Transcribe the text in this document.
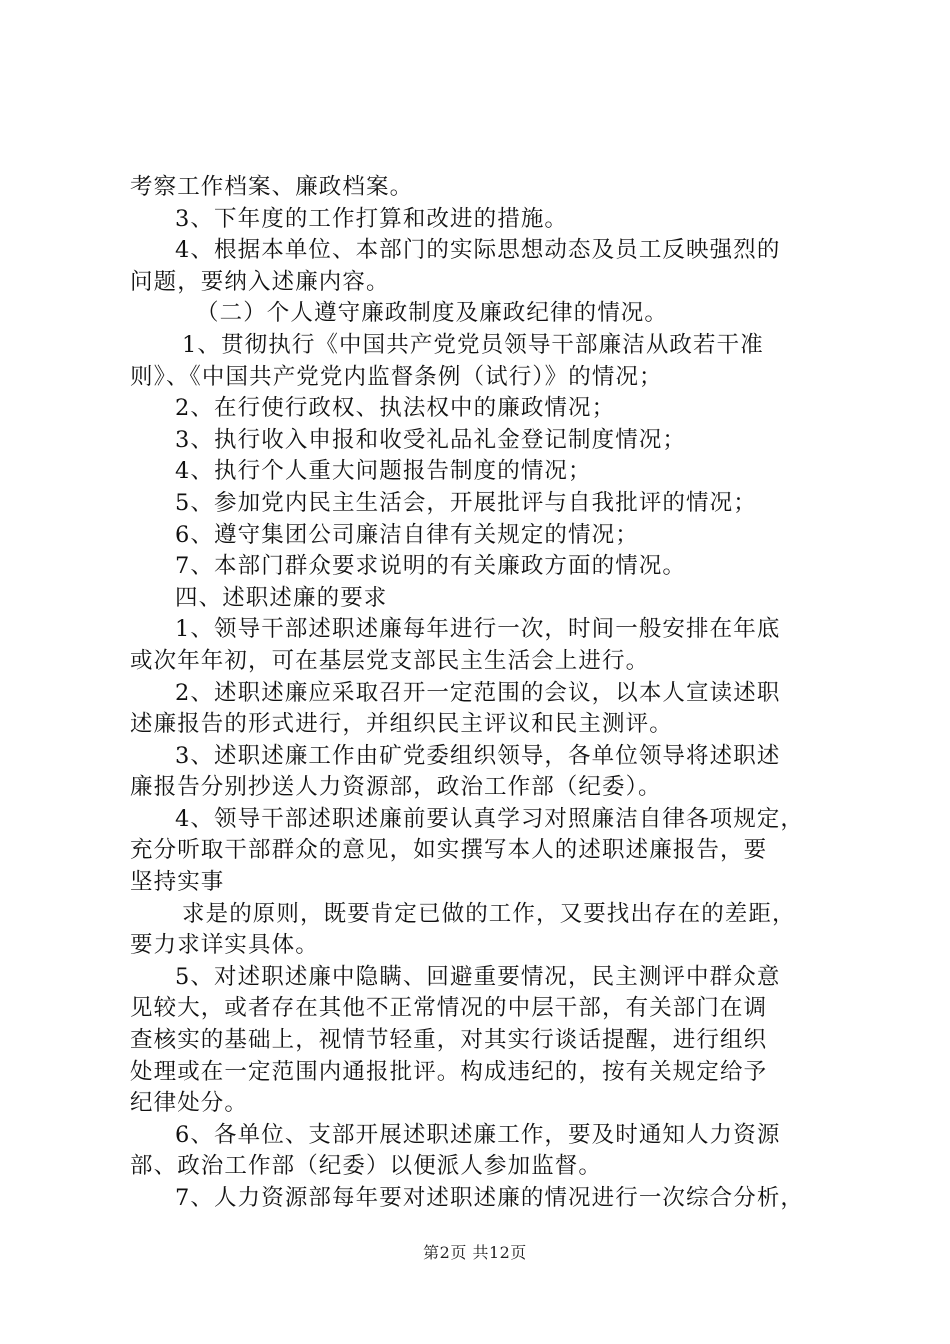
考察工作档案、廉政档案。
3、下年度的工作打算和改进的措施。
4、根据本单位、本部门的实际思想动态及员工反映强烈的
问题，要纳入述廉内容。
（二）个人遵守廉政制度及廉政纪律的情况。
1、贯彻执行《中国共产党党员领导干部廉洁从政若干准
则》、《中国共产党党内监督条例（试行）》的情况；
2、在行使行政权、执法权中的廉政情况；
3、执行收入申报和收受礼品礼金登记制度情况；
4、执行个人重大问题报告制度的情况；
5、参加党内民主生活会，开展批评与自我批评的情况；
6、遵守集团公司廉洁自律有关规定的情况；
7、本部门群众要求说明的有关廉政方面的情况。
四、述职述廉的要求
1、领导干部述职述廉每年进行一次，时间一般安排在年底
或次年年初，可在基层党支部民主生活会上进行。
2、述职述廉应采取召开一定范围的会议，以本人宣读述职
述廉报告的形式进行，并组织民主评议和民主测评。
3、述职述廉工作由矿党委组织领导，各单位领导将述职述
廉报告分别抄送人力资源部，政治工作部（纪委）。
4、领导干部述职述廉前要认真学习对照廉洁自律各项规定，
充分听取干部群众的意见，如实撰写本人的述职述廉报告，要
坚持实事
求是的原则，既要肯定已做的工作，又要找出存在的差距，
要力求详实具体。
5、对述职述廉中隐瞒、回避重要情况，民主测评中群众意
见较大，或者存在其他不正常情况的中层干部，有关部门在调
查核实的基础上，视情节轻重，对其实行谈话提醒，进行组织
处理或在一定范围内通报批评。构成违纪的，按有关规定给予
纪律处分。
6、各单位、支部开展述职述廉工作，要及时通知人力资源
部、政治工作部（纪委）以便派人参加监督。
7、人力资源部每年要对述职述廉的情况进行一次综合分析，
第2页 共12页
